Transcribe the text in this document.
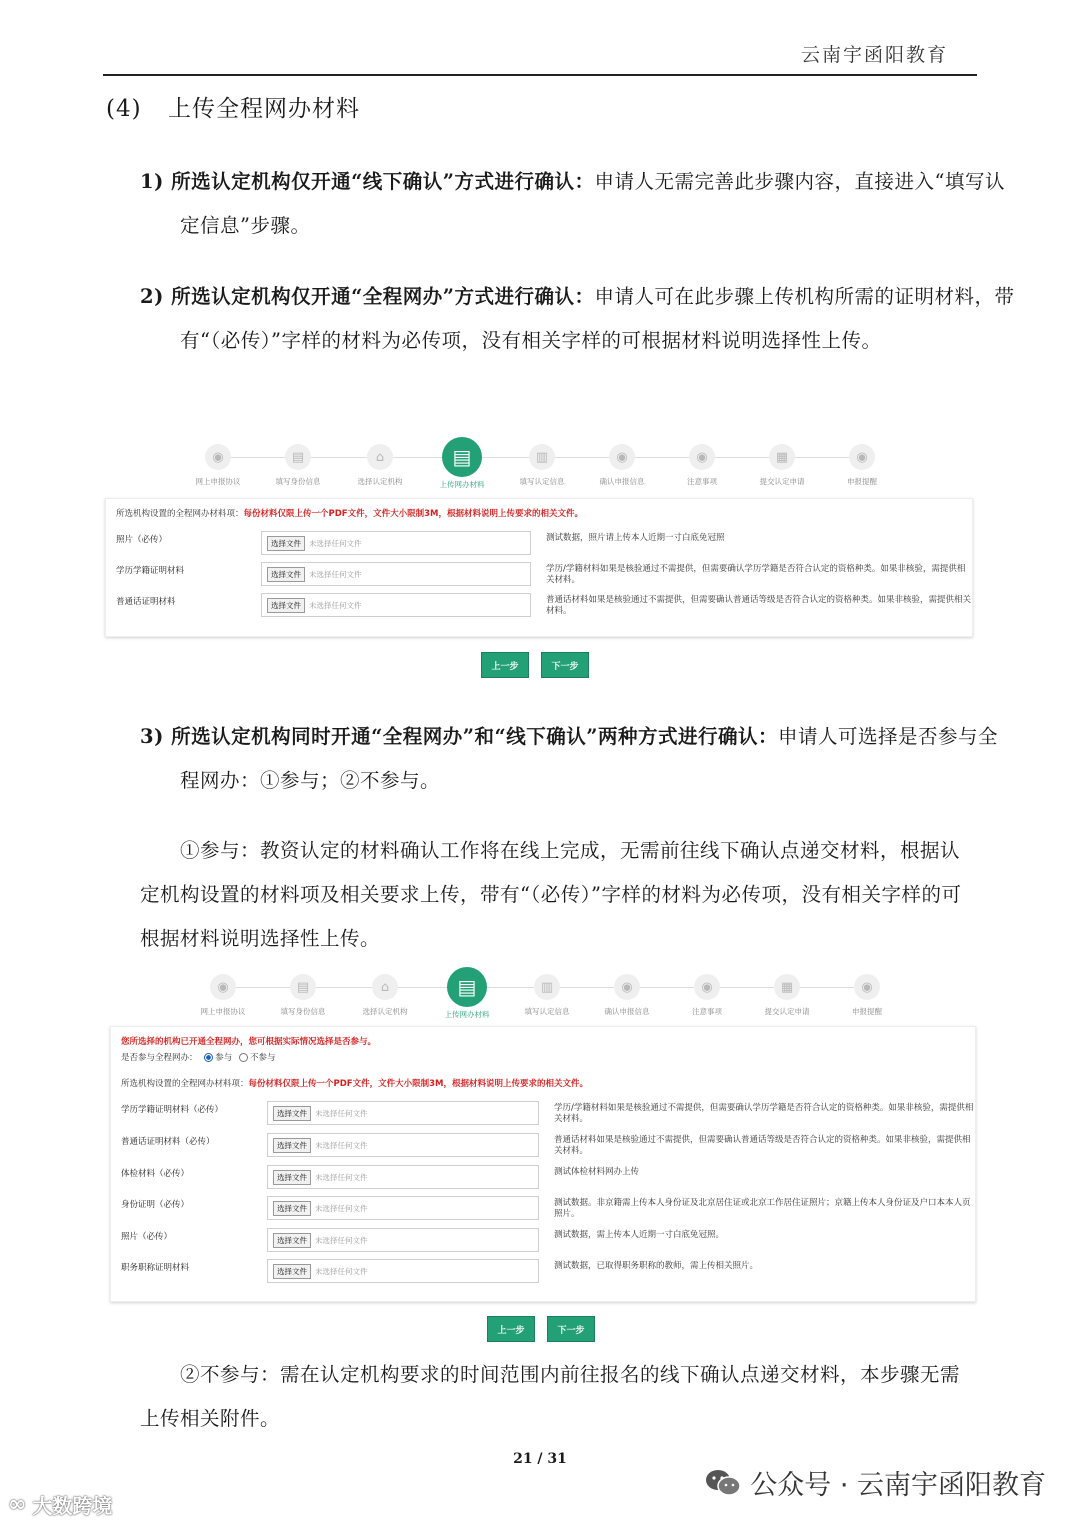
云南宇函阳教育
(4) 上传全程网办材料
1) 所选认定机构仅开通“线下确认”方式进行确认：申请人无需完善此步骤内容，直接进入“填写认定信息”步骤。
2) 所选认定机构仅开通“全程网办”方式进行确认：申请人可在此步骤上传机构所需的证明材料，带有“（必传）”字样的材料为必传项，没有相关字样的可根据材料说明选择性上传。
◉
网上申报协议
▤
填写身份信息
⌂
选择认定机构
▤
上传网办材料
▥
填写认定信息
◉
确认申报信息
◉
注意事项
▦
提交认定申请
◉
申报提醒
所选机构设置的全程网办材料项：每份材料仅限上传一个PDF文件，文件大小限制3M，根据材料说明上传要求的相关文件。
照片（必传）	选择文件	未选择任何文件	测试数据，照片请上传本人近期一寸白底免冠照
学历学籍证明材料	选择文件	未选择任何文件	学历/学籍材料如果是核验通过不需提供，但需要确认学历学籍是否符合认定的资格种类。如果非核验，需提供相关材料。
普通话证明材料	选择文件	未选择任何文件	普通话材料如果是核验通过不需提供，但需要确认普通话等级是否符合认定的资格种类。如果非核验，需提供相关材料。
上一步	下一步
3) 所选认定机构同时开通“全程网办”和“线下确认”两种方式进行确认：申请人可选择是否参与全程网办：①参与；②不参与。
①参与：教资认定的材料确认工作将在线上完成，无需前往线下确认点递交材料，根据认定机构设置的材料项及相关要求上传，带有“（必传）”字样的材料为必传项，没有相关字样的可根据材料说明选择性上传。
◉
网上申报协议
▤
填写身份信息
⌂
选择认定机构
▤
上传网办材料
▥
填写认定信息
◉
确认申报信息
◉
注意事项
▦
提交认定申请
◉
申报提醒
您所选择的机构已开通全程网办，您可根据实际情况选择是否参与。
是否参与全程网办： 参与 不参与
所选机构设置的全程网办材料项：每份材料仅限上传一个PDF文件，文件大小限制3M，根据材料说明上传要求的相关文件。
学历学籍证明材料（必传）	选择文件	未选择任何文件	学历/学籍材料如果是核验通过不需提供，但需要确认学历学籍是否符合认定的资格种类。如果非核验，需提供相关材料。
普通话证明材料（必传）	选择文件	未选择任何文件	普通话材料如果是核验通过不需提供，但需要确认普通话等级是否符合认定的资格种类。如果非核验，需提供相关材料。
体检材料（必传）	选择文件	未选择任何文件	测试体检材料网办上传
身份证明（必传）	选择文件	未选择任何文件	测试数据。非京籍需上传本人身份证及北京居住证或北京工作居住证照片；京籍上传本人身份证及户口本本人页照片。
照片（必传）	选择文件	未选择任何文件	测试数据，需上传本人近期一寸白底免冠照。
职务职称证明材料	选择文件	未选择任何文件	测试数据，已取得职务职称的教师，需上传相关照片。
上一步	下一步
②不参与：需在认定机构要求的时间范围内前往报名的线下确认点递交材料，本步骤无需上传相关附件。
21 / 31
公众号 · 云南宇函阳教育
∞ 大数跨境
